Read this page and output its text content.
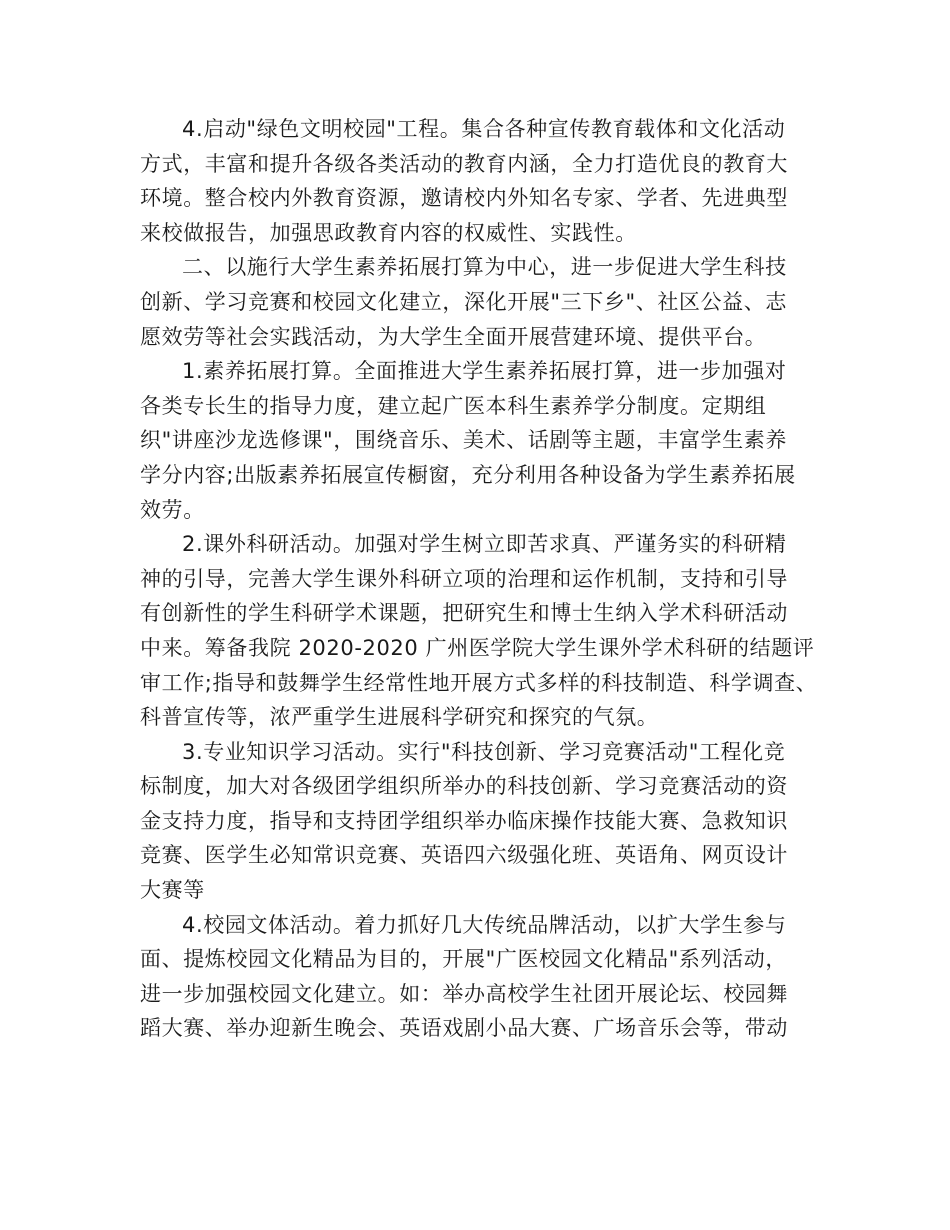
4.启动"绿色文明校园"工程。集合各种宣传教育载体和文化活动
方式，丰富和提升各级各类活动的教育内涵，全力打造优良的教育大
环境。整合校内外教育资源，邀请校内外知名专家、学者、先进典型
来校做报告，加强思政教育内容的权威性、实践性。

二、以施行大学生素养拓展打算为中心，进一步促进大学生科技
创新、学习竞赛和校园文化建立，深化开展"三下乡"、社区公益、志
愿效劳等社会实践活动，为大学生全面开展营建环境、提供平台。

1.素养拓展打算。全面推进大学生素养拓展打算，进一步加强对
各类专长生的指导力度，建立起广医本科生素养学分制度。定期组
织"讲座沙龙选修课"，围绕音乐、美术、话剧等主题，丰富学生素养
学分内容;出版素养拓展宣传橱窗，充分利用各种设备为学生素养拓展
效劳。

2.课外科研活动。加强对学生树立即苦求真、严谨务实的科研精
神的引导，完善大学生课外科研立项的治理和运作机制，支持和引导
有创新性的学生科研学术课题，把研究生和博士生纳入学术科研活动
中来。筹备我院 2020-2020 广州医学院大学生课外学术科研的结题评
审工作;指导和鼓舞学生经常性地开展方式多样的科技制造、科学调查、
科普宣传等，浓严重学生进展科学研究和探究的气氛。

3.专业知识学习活动。实行"科技创新、学习竞赛活动"工程化竞
标制度，加大对各级团学组织所举办的科技创新、学习竞赛活动的资
金支持力度，指导和支持团学组织举办临床操作技能大赛、急救知识
竞赛、医学生必知常识竞赛、英语四六级强化班、英语角、网页设计
大赛等

4.校园文体活动。着力抓好几大传统品牌活动，以扩大学生参与
面、提炼校园文化精品为目的，开展"广医校园文化精品"系列活动，
进一步加强校园文化建立。如：举办高校学生社团开展论坛、校园舞
蹈大赛、举办迎新生晚会、英语戏剧小品大赛、广场音乐会等，带动
